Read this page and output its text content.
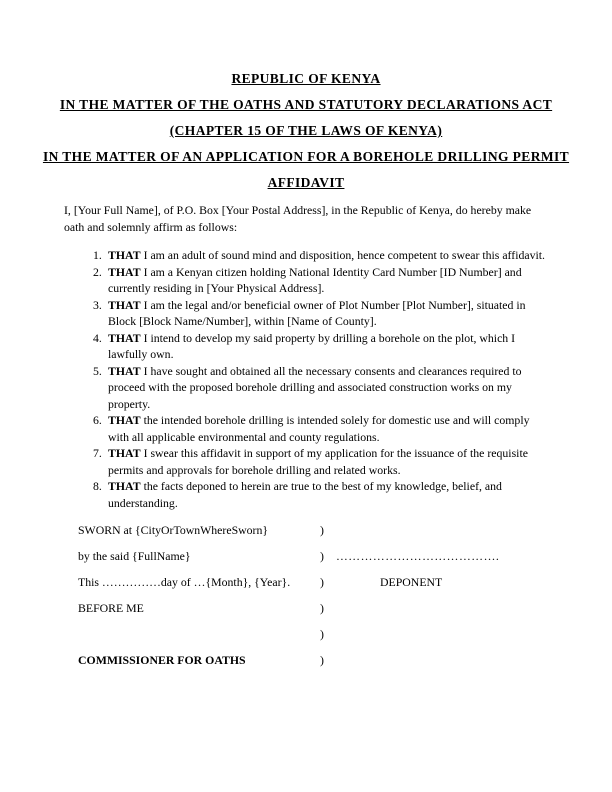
REPUBLIC OF KENYA
IN THE MATTER OF THE OATHS AND STATUTORY DECLARATIONS ACT
(CHAPTER 15 OF THE LAWS OF KENYA)
IN THE MATTER OF AN APPLICATION FOR A BOREHOLE DRILLING PERMIT
AFFIDAVIT

I, [Your Full Name], of P.O. Box [Your Postal Address], in the Republic of Kenya, do hereby make oath and solemnly affirm as follows:

1. THAT I am an adult of sound mind and disposition, hence competent to swear this affidavit.
2. THAT I am a Kenyan citizen holding National Identity Card Number [ID Number] and currently residing in [Your Physical Address].
3. THAT I am the legal and/or beneficial owner of Plot Number [Plot Number], situated in Block [Block Name/Number], within [Name of County].
4. THAT I intend to develop my said property by drilling a borehole on the plot, which I lawfully own.
5. THAT I have sought and obtained all the necessary consents and clearances required to proceed with the proposed borehole drilling and associated construction works on my property.
6. THAT the intended borehole drilling is intended solely for domestic use and will comply with all applicable environmental and county regulations.
7. THAT I swear this affidavit in support of my application for the issuance of the requisite permits and approvals for borehole drilling and related works.
8. THAT the facts deponed to herein are true to the best of my knowledge, belief, and understanding.
SWORN at {CityOrTownWhereSworn}	)
by the said {FullName}	)	………………………………….
This ……………day of …{Month}, {Year}.	)	DEPONENT
BEFORE ME	)
)
COMMISSIONER FOR OATHS	)
